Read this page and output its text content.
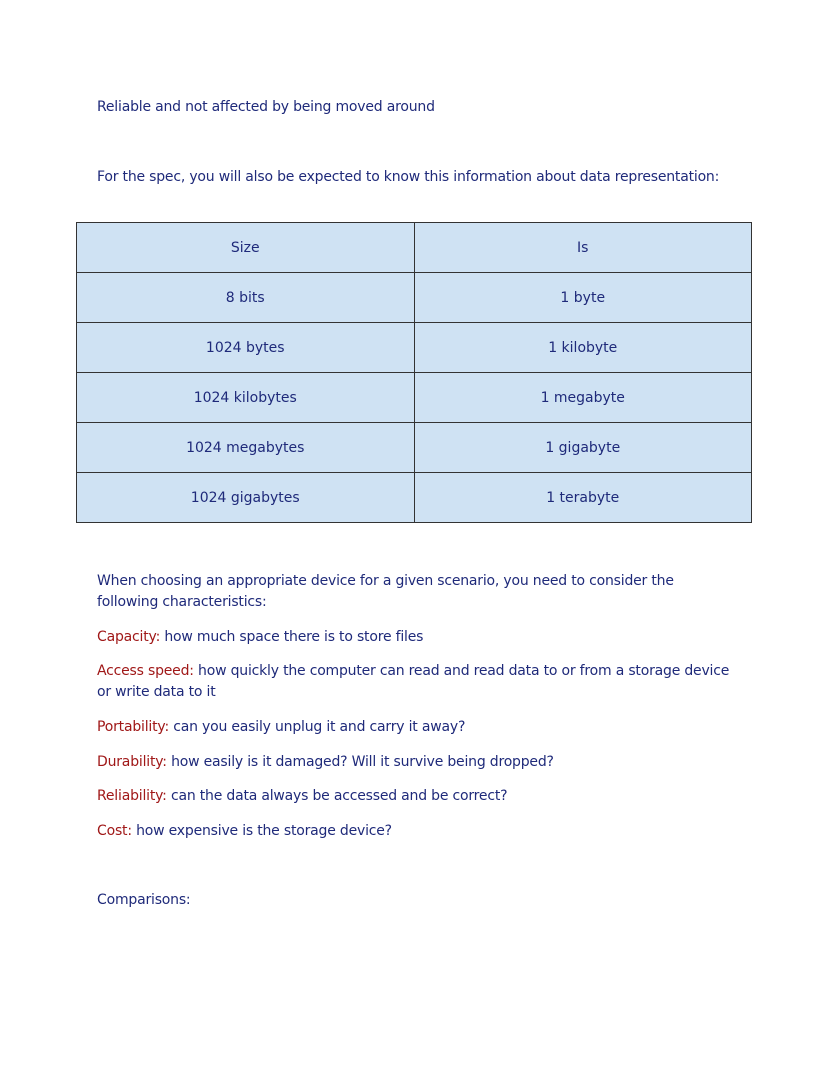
Reliable and not affected by being moved around

For the spec, you will also be expected to know this information about data representation:

Size	Is
8 bits	1 byte
1024 bytes	1 kilobyte
1024 kilobytes	1 megabyte
1024 megabytes	1 gigabyte
1024 gigabytes	1 terabyte

When choosing an appropriate device for a given scenario, you need to consider the following characteristics:

Capacity: how much space there is to store files

Access speed: how quickly the computer can read and read data to or from a storage device or write data to it

Portability: can you easily unplug it and carry it away?

Durability: how easily is it damaged? Will it survive being dropped?

Reliability: can the data always be accessed and be correct?

Cost: how expensive is the storage device?

Comparisons:
